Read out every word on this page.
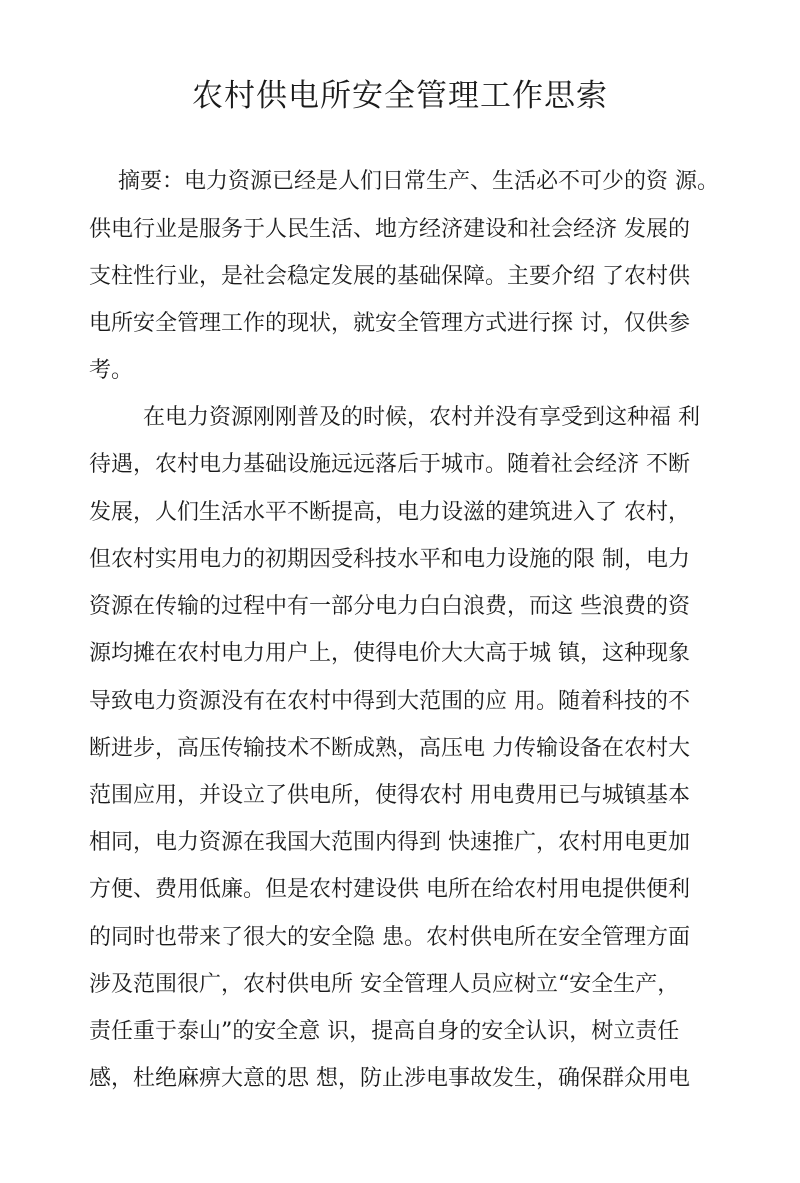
农村供电所安全管理工作思索
摘要：电力资源已经是人们日常生产、生活必不可少的资 源。
供电行业是服务于人民生活、地方经济建设和社会经济 发展的
支柱性行业，是社会稳定发展的基础保障。主要介绍 了农村供
电所安全管理工作的现状，就安全管理方式进行探 讨，仅供参
考。
在电力资源刚刚普及的时候，农村并没有享受到这种福 利
待遇，农村电力基础设施远远落后于城市。随着社会经济 不断
发展，人们生活水平不断提高，电力设滋的建筑进入了 农村，
但农村实用电力的初期因受科技水平和电力设施的限 制，电力
资源在传输的过程中有一部分电力白白浪费，而这 些浪费的资
源均摊在农村电力用户上，使得电价大大高于城 镇，这种现象
导致电力资源没有在农村中得到大范围的应 用。随着科技的不
断进步，高压传输技术不断成熟，高压电 力传输设备在农村大
范围应用，并设立了供电所，使得农村 用电费用已与城镇基本
相同，电力资源在我国大范围内得到 快速推广，农村用电更加
方便、费用低廉。但是农村建设供 电所在给农村用电提供便利
的同时也带来了很大的安全隐 患。农村供电所在安全管理方面
涉及范围很广，农村供电所 安全管理人员应树立“安全生产，
责任重于泰山”的安全意 识，提高自身的安全认识，树立责任
感，杜绝麻痹大意的思 想，防止涉电事故发生，确保群众用电
